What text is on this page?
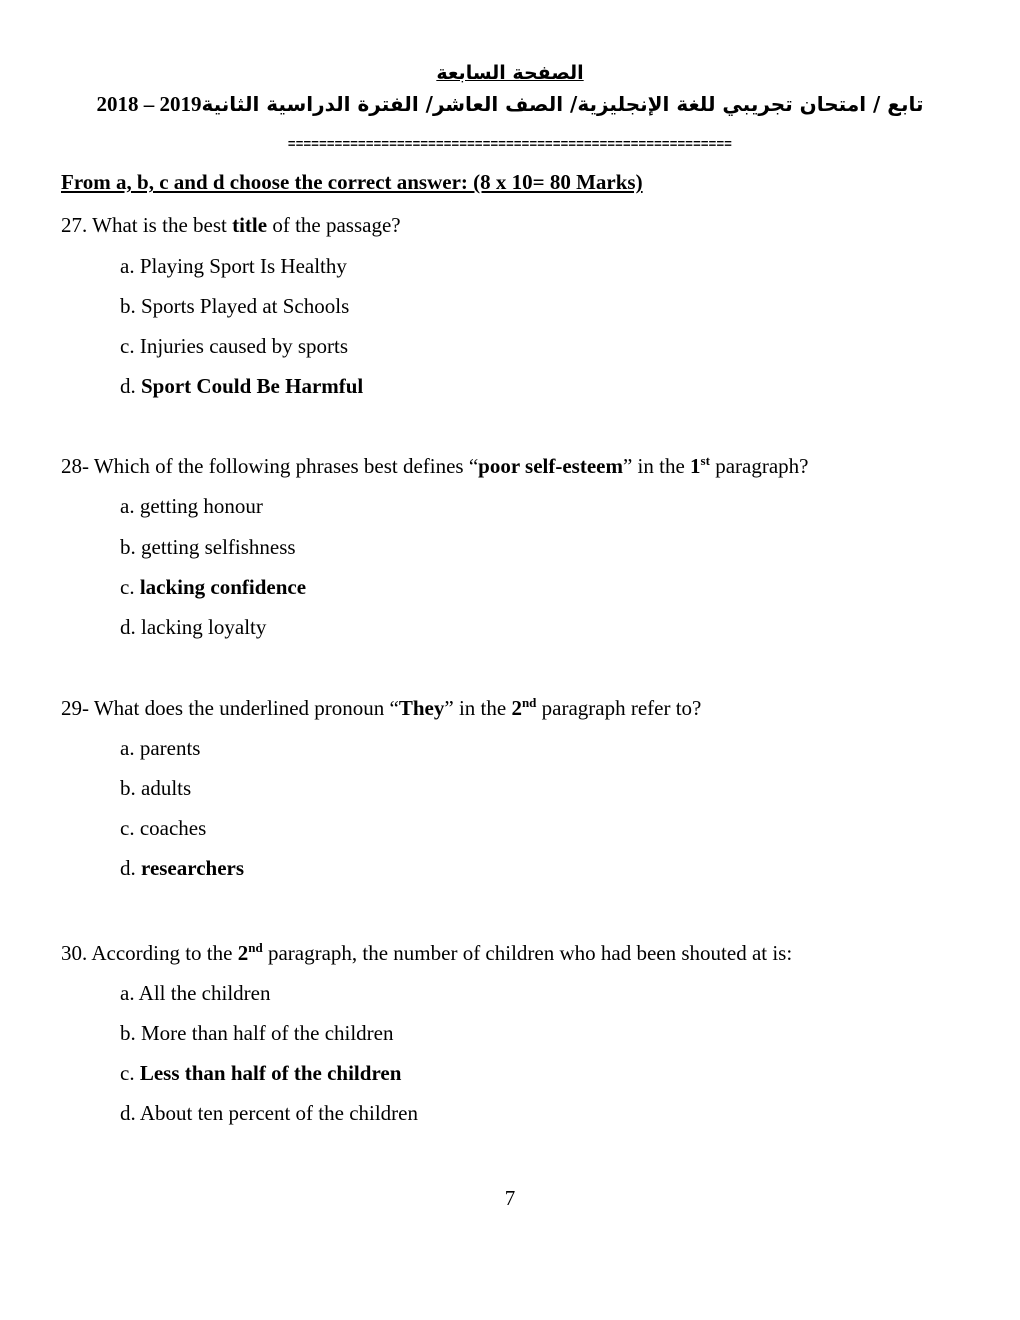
الصفحة السابعة
تابع / امتحان تجريبي للغة الإنجليزية/ الصف العاشر/ الفترة الدراسية الثانية2018 – 2019
=========================================================
From a, b, c and d choose the correct answer: (8 x 10= 80 Marks)
27. What is the best title of the passage?
a. Playing Sport Is Healthy
b. Sports Played at Schools
c. Injuries caused by sports
d. Sport Could Be Harmful
28- Which of the following phrases best defines “poor self-esteem” in the 1st paragraph?
a. getting honour
b. getting selfishness
c. lacking confidence
d. lacking loyalty
29- What does the underlined pronoun “They” in the 2nd paragraph refer to?
a. parents
b. adults
c. coaches
d. researchers
30. According to the 2nd paragraph, the number of children who had been shouted at is:
a. All the children
b. More than half of the children
c. Less than half of the children
d. About ten percent of the children
7
